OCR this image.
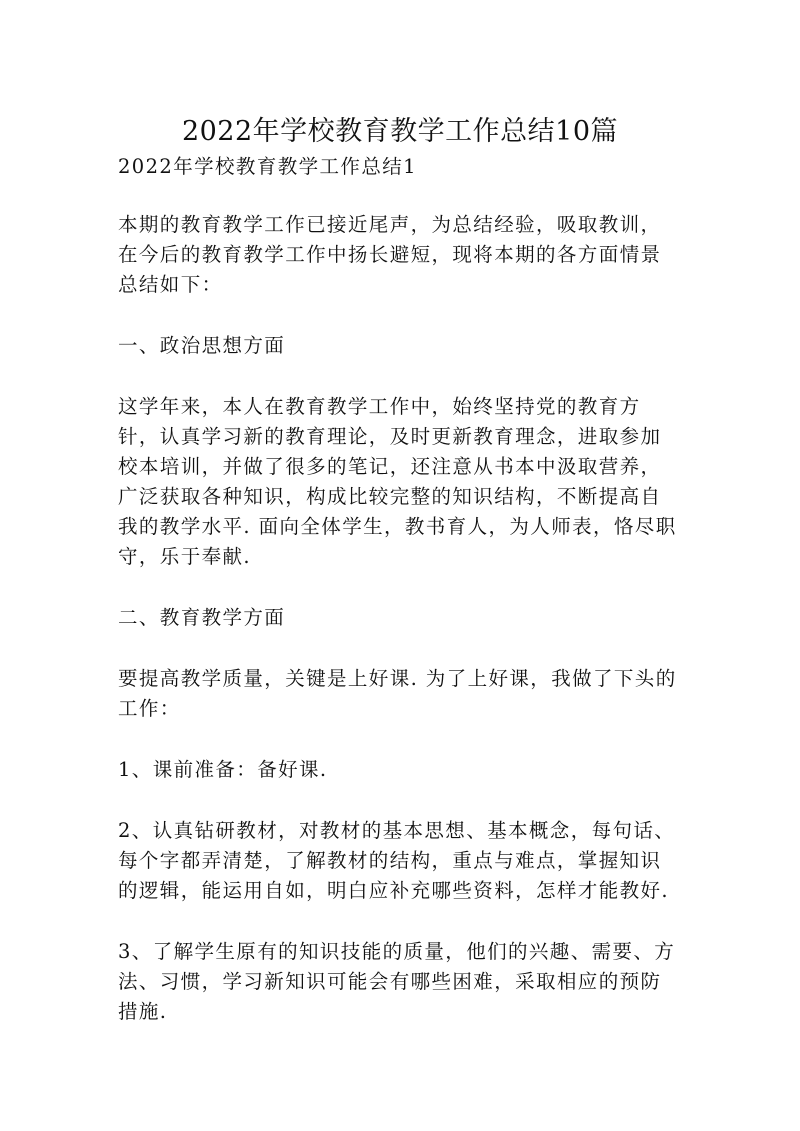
2022年学校教育教学工作总结10篇

2022年学校教育教学工作总结1

本期的教育教学工作已接近尾声，为总结经验，吸取教训，在今后的教育教学工作中扬长避短，现将本期的各方面情景总结如下：

一、政治思想方面

这学年来，本人在教育教学工作中，始终坚持党的教育方针，认真学习新的教育理论，及时更新教育理念，进取参加校本培训，并做了很多的笔记，还注意从书本中汲取营养，广泛获取各种知识，构成比较完整的知识结构，不断提高自我的教学水平. 面向全体学生，教书育人，为人师表，恪尽职守，乐于奉献.

二、教育教学方面

要提高教学质量，关键是上好课. 为了上好课，我做了下头的工作：

1、课前准备：备好课.

2、认真钻研教材，对教材的基本思想、基本概念，每句话、每个字都弄清楚，了解教材的结构，重点与难点，掌握知识的逻辑，能运用自如，明白应补充哪些资料，怎样才能教好.

3、了解学生原有的知识技能的质量，他们的兴趣、需要、方法、习惯，学习新知识可能会有哪些困难，采取相应的预防措施.
